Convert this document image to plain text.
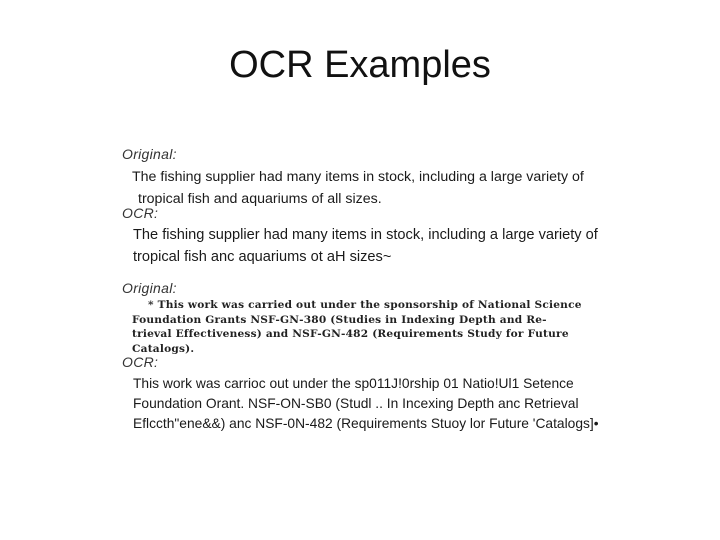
OCR Examples
Original:
The fishing supplier had many items in stock, including a large variety of
tropical fish and aquariums of all sizes.
OCR:
The fishing supplier had many items in stock, including a large variety of
tropical fish anc aquariums ot aH sizes~
Original:
* This work was carried out under the sponsorship of National Science
Foundation Grants NSF-GN-380 (Studies in Indexing Depth and Re-
trieval Effectiveness) and NSF-GN-482 (Requirements Study for Future
Catalogs).
OCR:
This work was carrioc out under the sp011J!0rship 01 Natio!Ul1 Setence
Foundation Orant. NSF-ON-SB0 (Studl .. In Incexing Depth anc Retrieval
Eflccth"ene&&) anc NSF-0N-482 (Requirements Stuoy lor Future 'Catalogs]•
